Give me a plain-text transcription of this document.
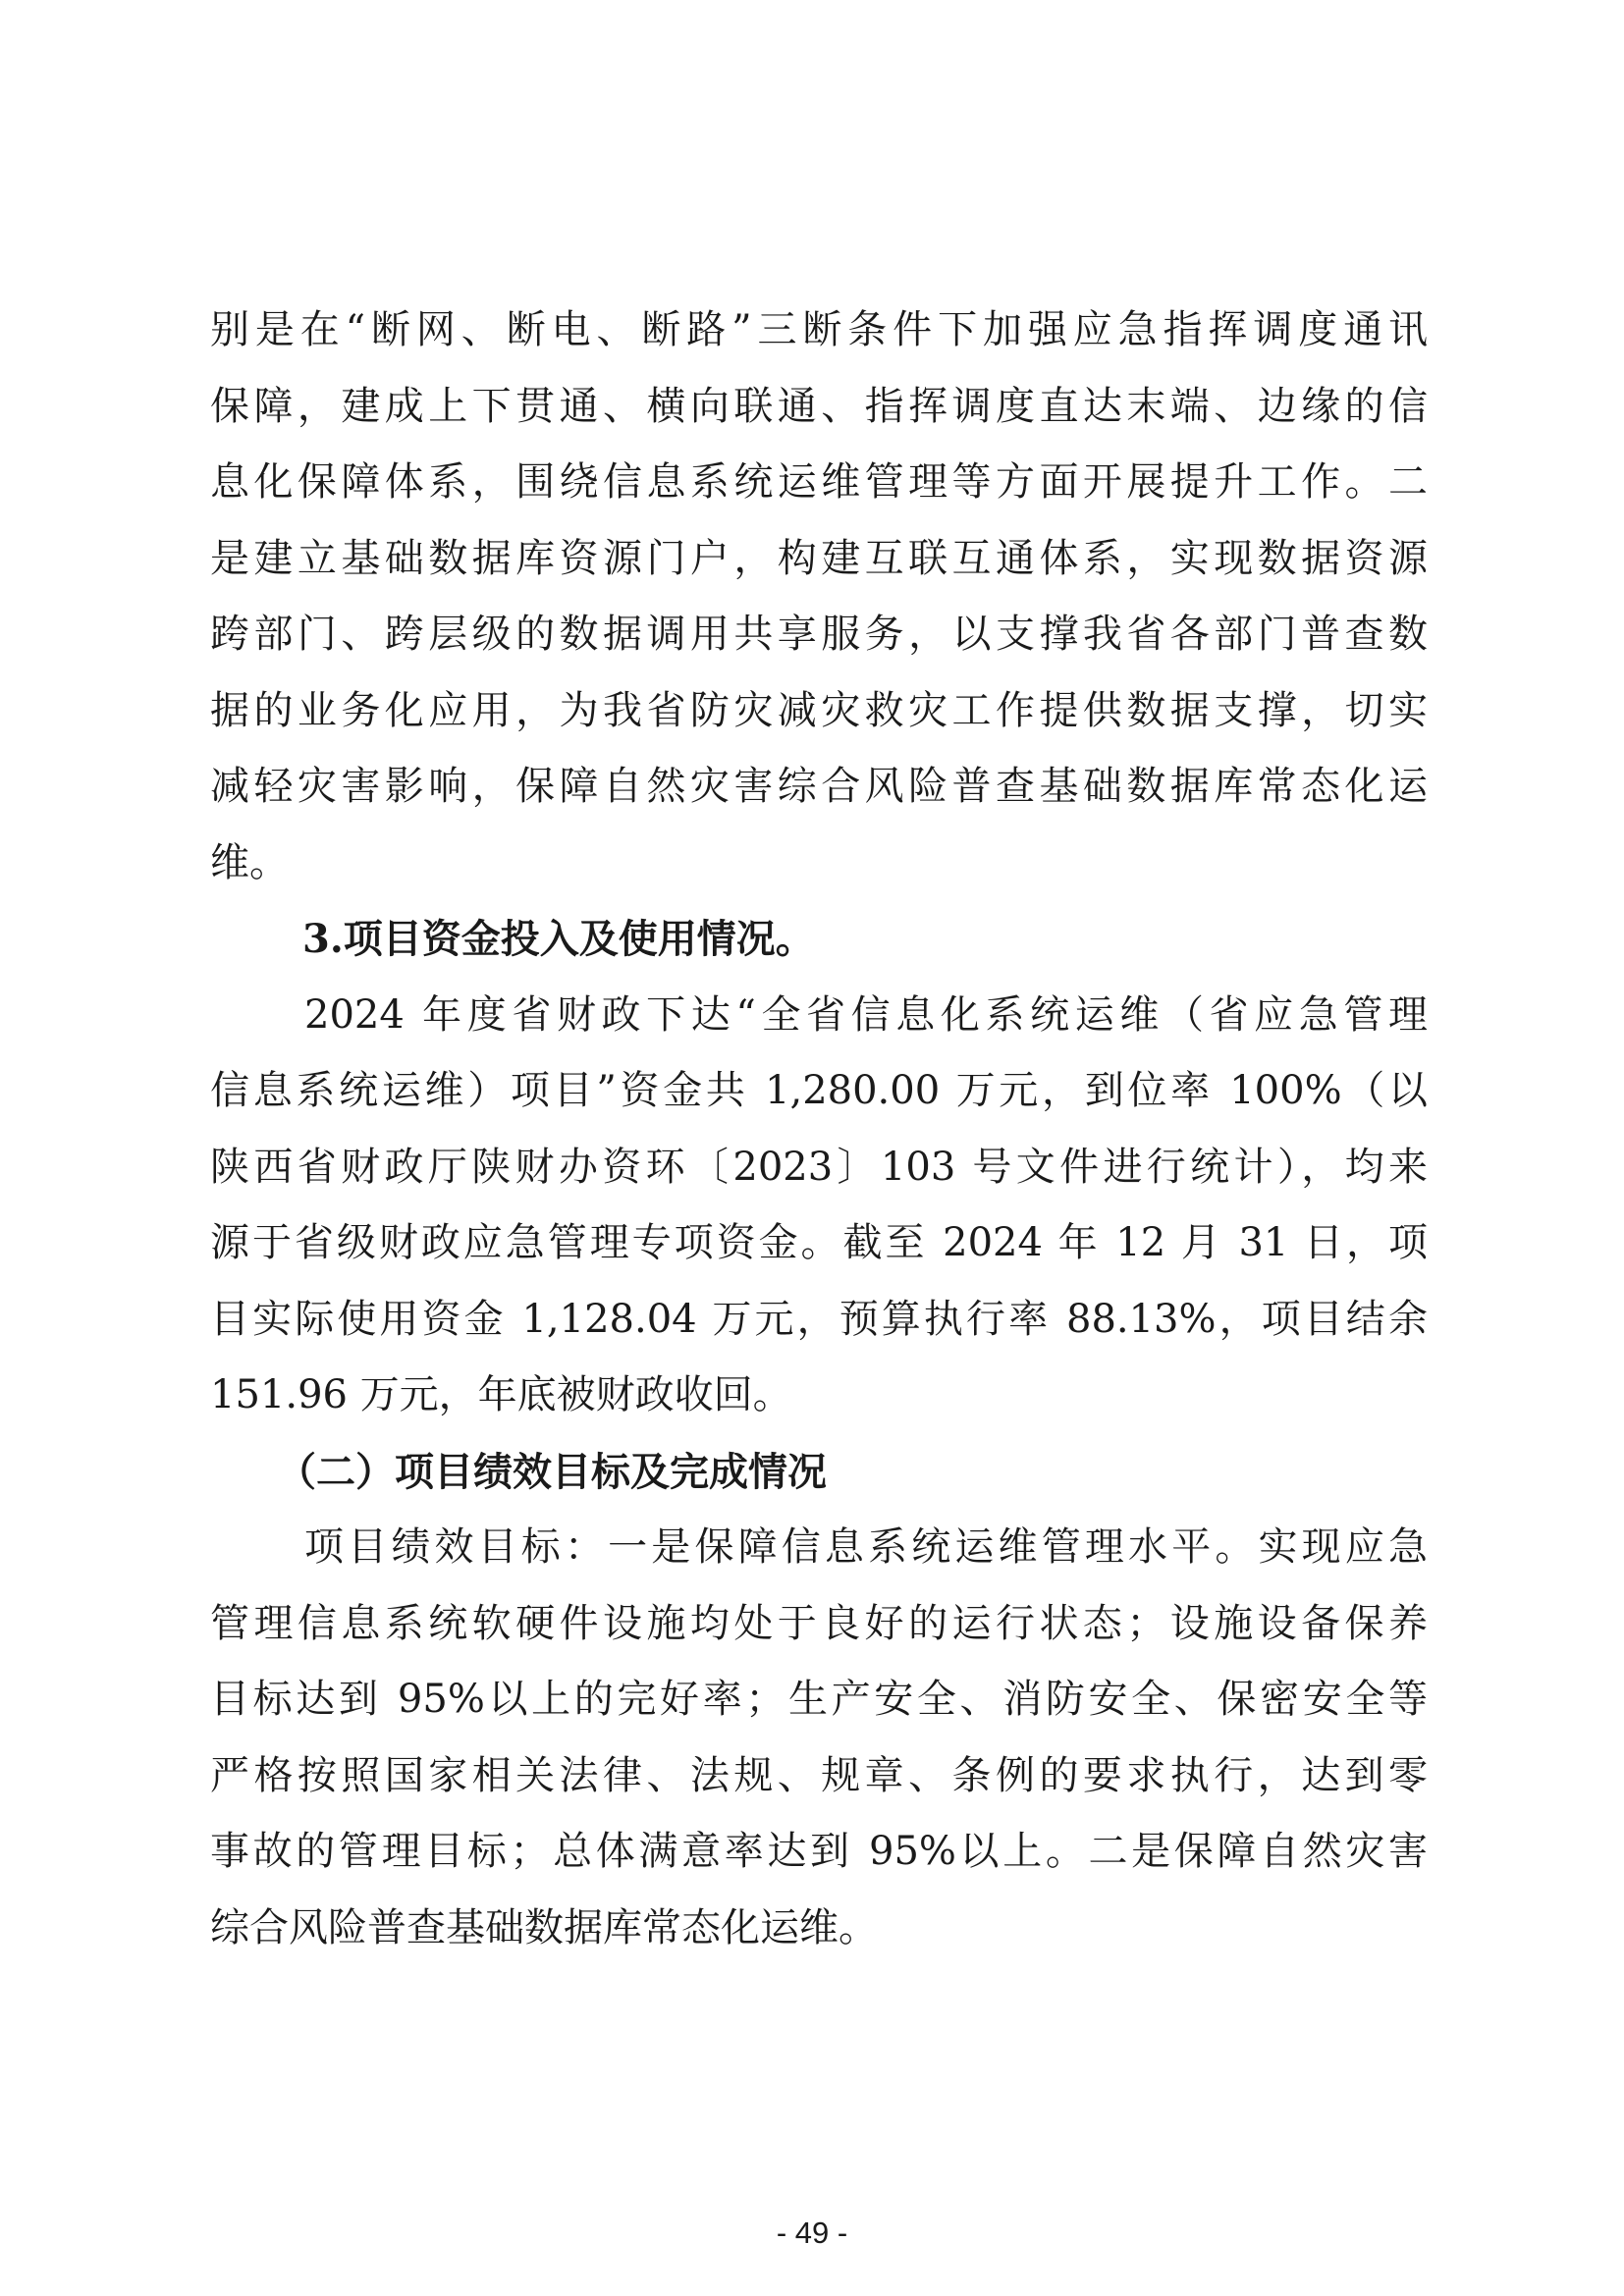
别是在“断网、断电、断路”三断条件下加强应急指挥调度通讯
保障，建成上下贯通、横向联通、指挥调度直达末端、边缘的信
息化保障体系，围绕信息系统运维管理等方面开展提升工作。二
是建立基础数据库资源门户，构建互联互通体系，实现数据资源
跨部门、跨层级的数据调用共享服务，以支撑我省各部门普查数
据的业务化应用，为我省防灾减灾救灾工作提供数据支撑，切实
减轻灾害影响，保障自然灾害综合风险普查基础数据库常态化运
维。
3.项目资金投入及使用情况。
2024 年度省财政下达“全省信息化系统运维（省应急管理
信息系统运维）项目”资金共 1,280.00 万元，到位率 100%（以
陕西省财政厅陕财办资环〔2023〕103 号文件进行统计），均来
源于省级财政应急管理专项资金。截至 2024 年 12 月 31 日，项
目实际使用资金 1,128.04 万元，预算执行率 88.13%，项目结余
151.96 万元，年底被财政收回。
（二）项目绩效目标及完成情况
项目绩效目标：一是保障信息系统运维管理水平。实现应急
管理信息系统软硬件设施均处于良好的运行状态；设施设备保养
目标达到 95%以上的完好率；生产安全、消防安全、保密安全等
严格按照国家相关法律、法规、规章、条例的要求执行，达到零
事故的管理目标；总体满意率达到 95%以上。二是保障自然灾害
综合风险普查基础数据库常态化运维。
- 49 -
